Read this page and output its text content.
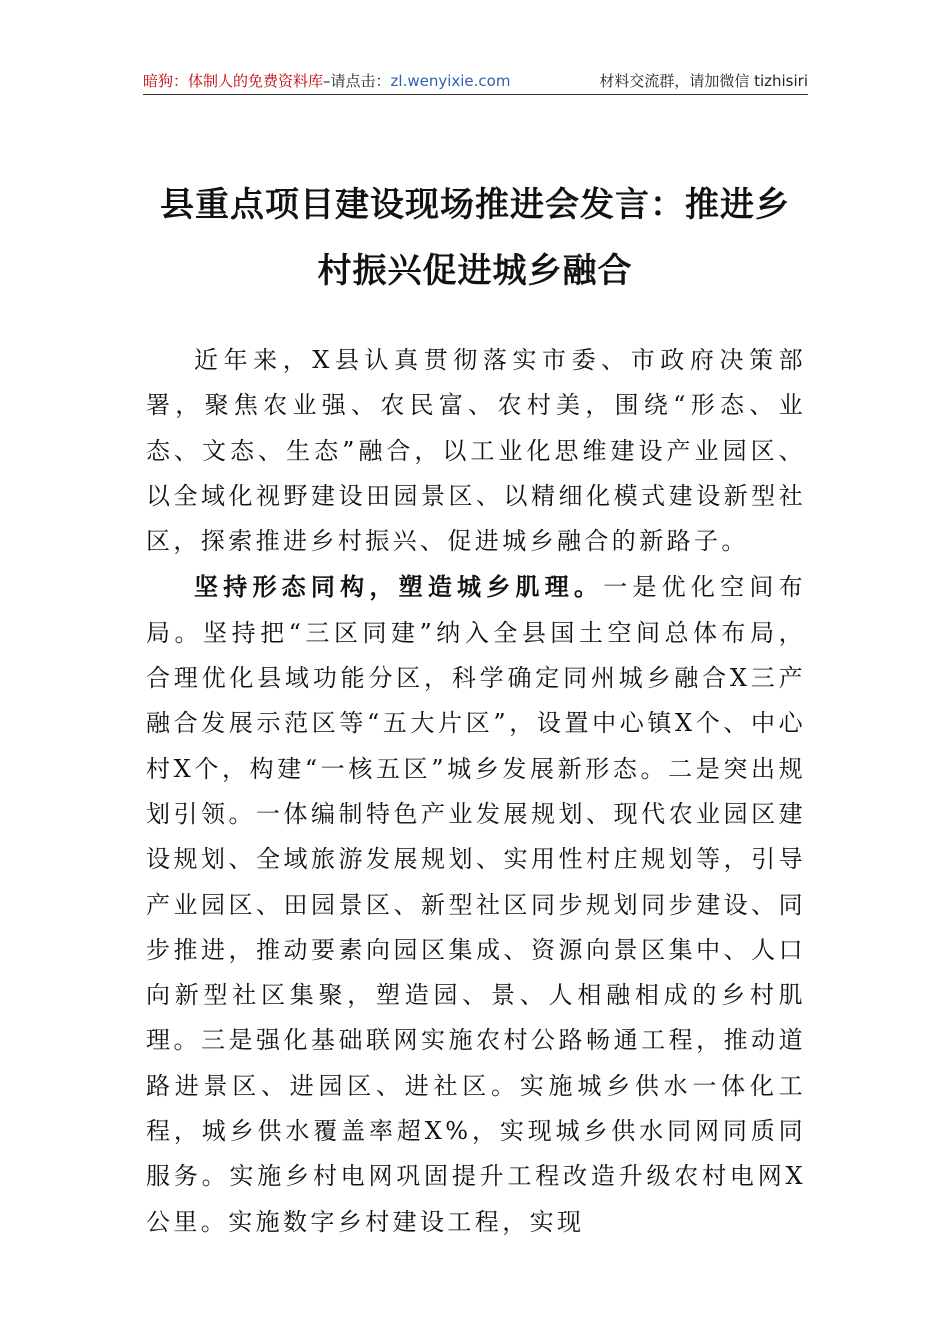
暗狗：体制人的免费资料库–请点击：zl.wenyixie.com	材料交流群，请加微信 tizhisiri
县重点项目建设现场推进会发言：推进乡村振兴促进城乡融合

近年来，X县认真贯彻落实市委、市政府决策部署，聚焦农业强、农民富、农村美，围绕“形态、业态、文态、生态”融合，以工业化思维建设产业园区、以全域化视野建设田园景区、以精细化模式建设新型社区，探索推进乡村振兴、促进城乡融合的新路子。

坚持形态同构，塑造城乡肌理。一是优化空间布局。坚持把“三区同建”纳入全县国土空间总体布局，合理优化县域功能分区，科学确定同州城乡融合X三产融合发展示范区等“五大片区”，设置中心镇X个、中心村X个，构建“一核五区”城乡发展新形态。二是突出规划引领。一体编制特色产业发展规划、现代农业园区建设规划、全域旅游发展规划、实用性村庄规划等，引导产业园区、田园景区、新型社区同步规划同步建设、同步推进，推动要素向园区集成、资源向景区集中、人口向新型社区集聚，塑造园、景、人相融相成的乡村肌理。三是强化基础联网实施农村公路畅通工程，推动道路进景区、进园区、进社区。实施城乡供水一体化工程，城乡供水覆盖率超X%，实现城乡供水同网同质同服务。实施乡村电网巩固提升工程改造升级农村电网X公里。实施数字乡村建设工程，实现
